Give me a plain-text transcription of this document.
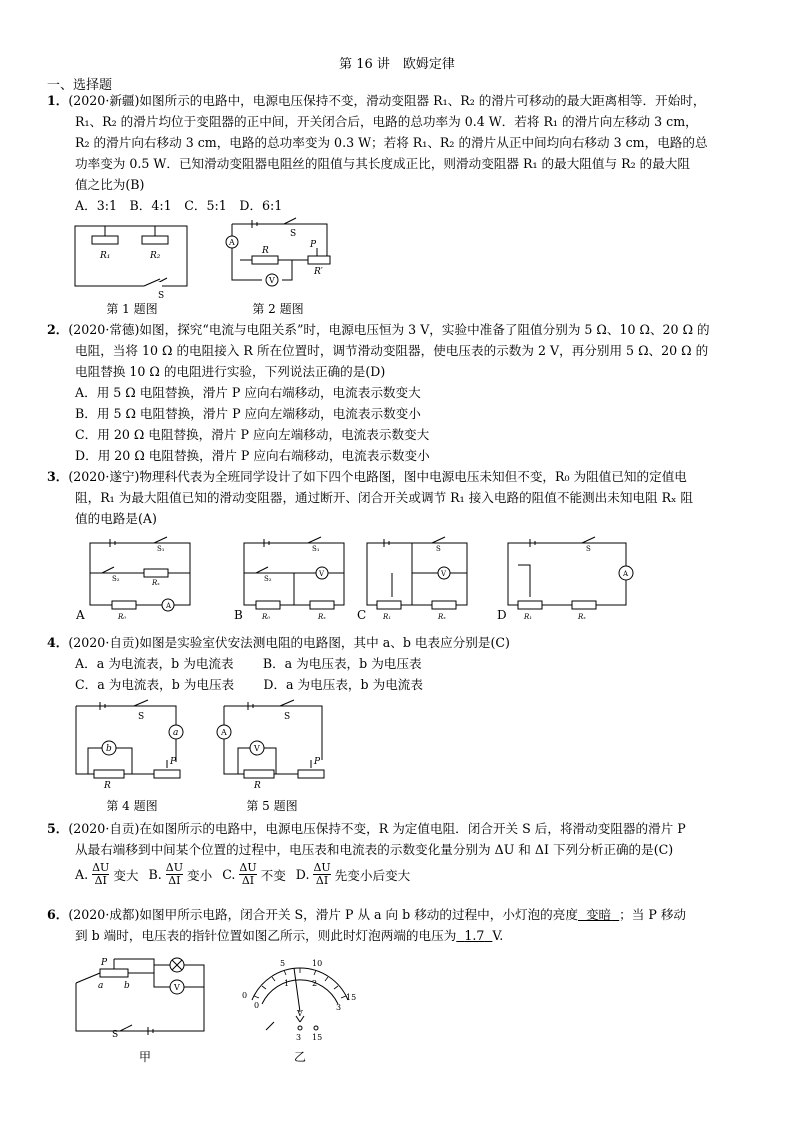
第 16 讲　欧姆定律
一、选择题
1．(2020·新疆)如图所示的电路中，电源电压保持不变，滑动变阻器 R₁、R₂ 的滑片可移动的最大距离相等．开始时，
R₁、R₂ 的滑片均位于变阻器的正中间，开关闭合后，电路的总功率为 0.4 W．若将 R₁ 的滑片向左移动 3 cm，
R₂ 的滑片向右移动 3 cm，电路的总功率变为 0.3 W；若将 R₁、R₂ 的滑片从正中间均向右移动 3 cm，电路的总
功率变为 0.5 W．已知滑动变阻器电阻丝的阻值与其长度成正比，则滑动变阻器 R₁ 的最大阻值与 R₂ 的最大阻
值之比为(B)
A．3:1　B．4:1　C．5:1　D．6:1
R₁	R₂
S
第 1 题图
A
V
R
P
R′
S
第 2 题图
2．(2020·常德)如图，探究“电流与电阻关系”时，电源电压恒为 3 V，实验中准备了阻值分别为 5 Ω、10 Ω、20 Ω 的
电阻，当将 10 Ω 的电阻接入 R 所在位置时，调节滑动变阻器，使电压表的示数为 2 V，再分别用 5 Ω、20 Ω 的
电阻替换 10 Ω 的电阻进行实验，下列说法正确的是(D)
A．用 5 Ω 电阻替换，滑片 P 应向右端移动，电流表示数变大
B．用 5 Ω 电阻替换，滑片 P 应向左端移动，电流表示数变小
C．用 20 Ω 电阻替换，滑片 P 应向左端移动，电流表示数变大
D．用 20 Ω 电阻替换，滑片 P 应向右端移动，电流表示数变小
3．(2020·遂宁)物理科代表为全班同学设计了如下四个电路图，图中电源电压未知但不变，R₀ 为阻值已知的定值电
阻，R₁ 为最大阻值已知的滑动变阻器，通过断开、闭合开关或调节 R₁ 接入电路的阻值不能测出未知电阻 Rₓ 阻
值的电路是(A)
A
V	V	A
S₁
S₂	Rₓ
R₀
S₁
S₂
R₀	Rₓ
S
R₁	Rₓ
S
R₁	Rₓ
A	B	C	D
4．(2020·自贡)如图是实验室伏安法测电阻的电路图，其中 a、b 电表应分别是(C)
A．a 为电流表，b 为电流表　　 B．a 为电压表，b 为电压表
C．a 为电流表，b 为电压表　　 D．a 为电压表，b 为电流表
a
b
S
P
R
第 4 题图
A
V
S
P
R
第 5 题图
5．(2020·自贡)在如图所示的电路中，电源电压保持不变，R 为定值电阻．闭合开关 S 后，将滑动变阻器的滑片 P
从最右端移到中间某个位置的过程中，电压表和电流表的示数变化量分别为 ΔU 和 ΔI 下列分析正确的是(C)
A. ΔU
ΔI 变大 B. ΔU
ΔI 变小 C. ΔU
ΔI 不变 D. ΔU
ΔI 先变小后变大
6．(2020·成都)如图甲所示电路，闭合开关 S，滑片 P 从 a 向 b 移动的过程中，小灯泡的亮度  变暗  ；当 P 移动
到 b 端时，电压表的指针位置如图乙所示，则此时灯泡两端的电压为  1.7  V.
V
P
a b
S
甲
5	10
0
0
15
3
1	2
V
3 15
乙
